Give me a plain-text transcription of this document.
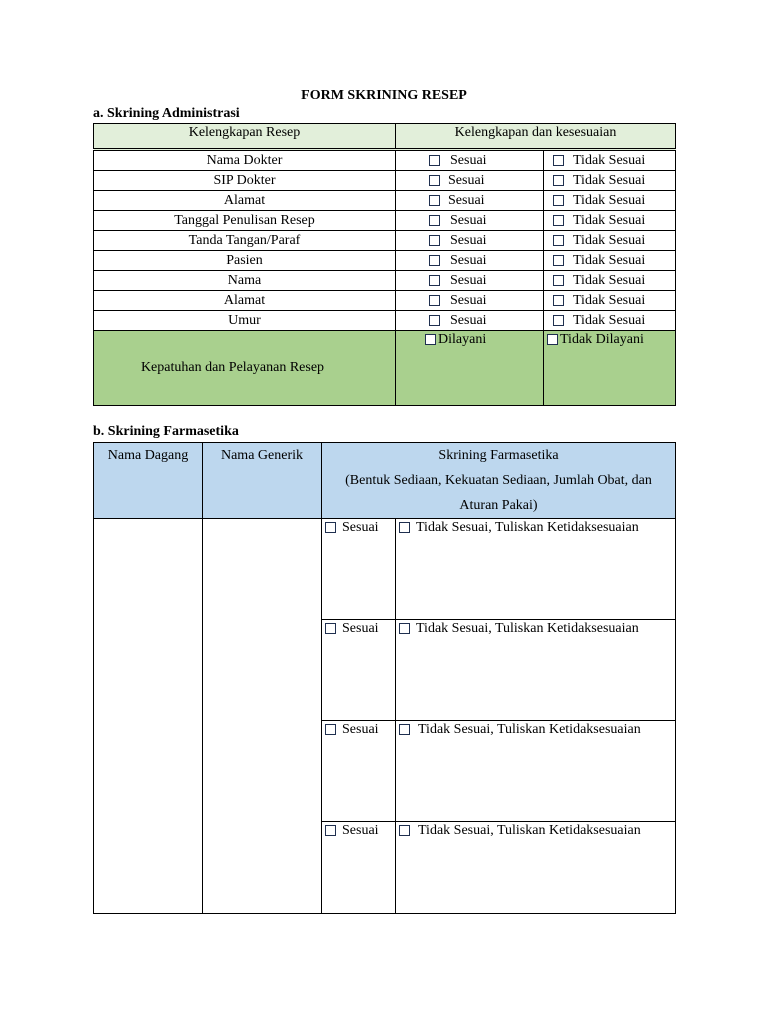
FORM SKRINING RESEP
a. Skrining Administrasi
Kelengkapan Resep	Kelengkapan dan kesesuaian	
Nama Dokter	Sesuai	Tidak Sesuai
SIP Dokter	Sesuai	Tidak Sesuai
Alamat	Sesuai	Tidak Sesuai
Tanggal Penulisan Resep	Sesuai	Tidak Sesuai
Tanda Tangan/Paraf	Sesuai	Tidak Sesuai
Pasien	Sesuai	Tidak Sesuai
Nama	Sesuai	Tidak Sesuai
Alamat	Sesuai	Tidak Sesuai
Umur	Sesuai	Tidak Sesuai
Kepatuhan dan Pelayanan Resep	Dilayani	Tidak Dilayani
b. Skrining Farmasetika
Nama Dagang	Nama Generik	Skrining Farmasetika
(Bentuk Sediaan, Kekuatan Sediaan, Jumlah Obat, dan
Aturan Pakai)	

		Sesuai	Tidak Sesuai, Tuliskan Ketidaksesuaian

		Sesuai	Tidak Sesuai, Tuliskan Ketidaksesuaian

		Sesuai	Tidak Sesuai, Tuliskan Ketidaksesuaian

		Sesuai	Tidak Sesuai, Tuliskan Ketidaksesuaian
